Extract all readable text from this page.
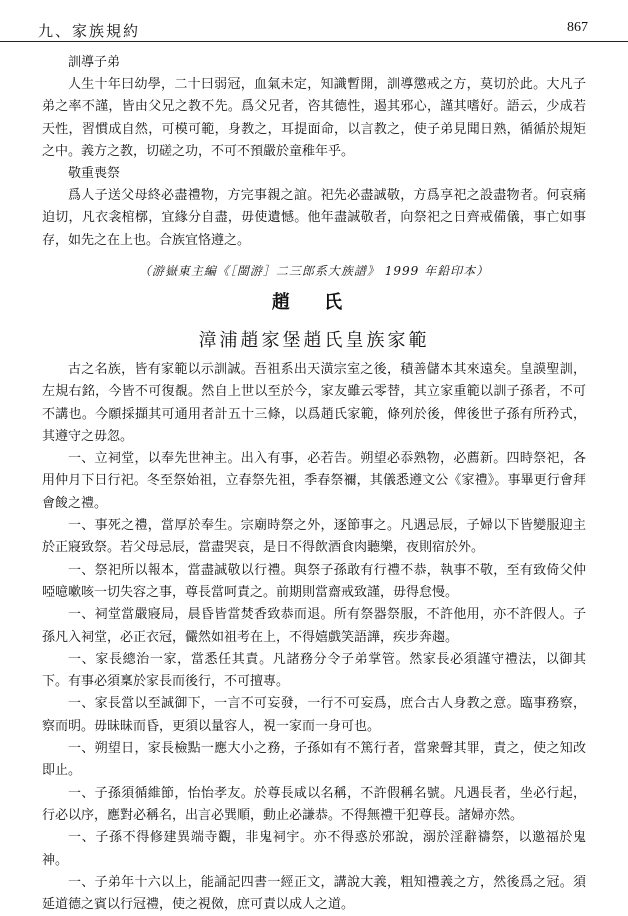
九、家族規約	867
訓導子弟

人生十年曰幼學，二十曰弱冠，血氣未定，知識暫開，訓導懲戒之方，莫切於此。大凡子弟之率不謹，皆由父兄之教不先。爲父兄者，咨其德性，遏其邪心，謹其嗜好。語云，少成若天性，習慣成自然，可模可範，身教之，耳提面命，以言教之，使子弟見聞日熟，循循於規矩之中。義方之教，切磋之功，不可不預嚴於童稚年乎。

敬重喪祭

爲人子送父母終必盡禮物，方完事親之誼。祀先必盡誠敬，方爲享祀之設盡物者。何哀痛迫切，凡衣衾棺槨，宜緣分自盡，毋使遺憾。他年盡誠敬者，向祭祀之日齊戒備儀，事亡如事存，如先之在上也。合族宜恪遵之。

（游嶽東主編《［閩游］二三郎系大族譜》 1999 年鉛印本）
趙 氏
漳浦趙家堡趙氏皇族家範

古之名族，皆有家範以示訓誠。吾祖系出天潢宗室之後，積善儲本其來遠矣。皇謨聖訓，左規右銘，今皆不可復覩。然自上世以至於今，家友雖云零替，其立家重範以訓子孫者，不可不講也。今願採擷其可通用者計五十三條，以爲趙氏家範，條列於後，俾後世子孫有所矜式，其遵守之毋忽。

一、立祠堂，以奉先世神主。出入有事，必若告。朔望必忝熟物，必薦新。四時祭祀，各用仲月下日行祀。冬至祭始祖，立春祭先祖，季春祭禰，其儀悉遵文公《家禮》。事畢更行會拜會餕之禮。

一、事死之禮，當厚於奉生。宗廟時祭之外，逐節事之。凡遇忌辰，子婦以下皆變服迎主於正寢致祭。若父母忌辰，當盡哭哀，是日不得飲酒食肉聽樂，夜則宿於外。

一、祭祀所以報本，當盡誠敬以行禮。與祭子孫敢有行禮不恭，執事不敬，至有致倚父仲啞噫嗽咳一切失容之事，尊長當呵責之。前期則當齋戒致謹，毋得怠慢。

一、祠堂當嚴寢局，晨昏皆當焚香致恭而退。所有祭器祭服，不許他用，亦不許假人。子孫凡入祠堂，必正衣冠，儼然如祖考在上，不得嬉戲笑語譁，疾步奔趨。

一、家長總治一家，當悉任其責。凡諸務分令子弟掌管。然家長必須謹守禮法，以御其下。有事必須稟於家長而後行，不可擅專。

一、家長當以至誠御下，一言不可妄發，一行不可妄爲，庶合古人身教之意。臨事務察，察而明。毋昧昧而昏，更須以量容人，視一家而一身可也。

一、朔望日，家長檢點一應大小之務，子孫如有不篤行者，當衆聲其罪，責之，使之知改即止。

一、子孫須循維節，怡怡孝友。於尊長咸以名稱，不許假稱名號。凡遇長者，坐必行起，行必以序，應對必稱名，出言必巽順，動止必謙恭。不得無禮干犯尊長。諸婦亦然。

一、子孫不得修建異端寺觀，非鬼祠宇。亦不得惑於邪說，溺於淫辭禱祭，以邀福於鬼神。

一、子弟年十六以上，能誦記四書一經正文，講說大義，粗知禮義之方，然後爲之冠。須延道德之賓以行冠禮，使之視傚，庶可責以成人之道。
